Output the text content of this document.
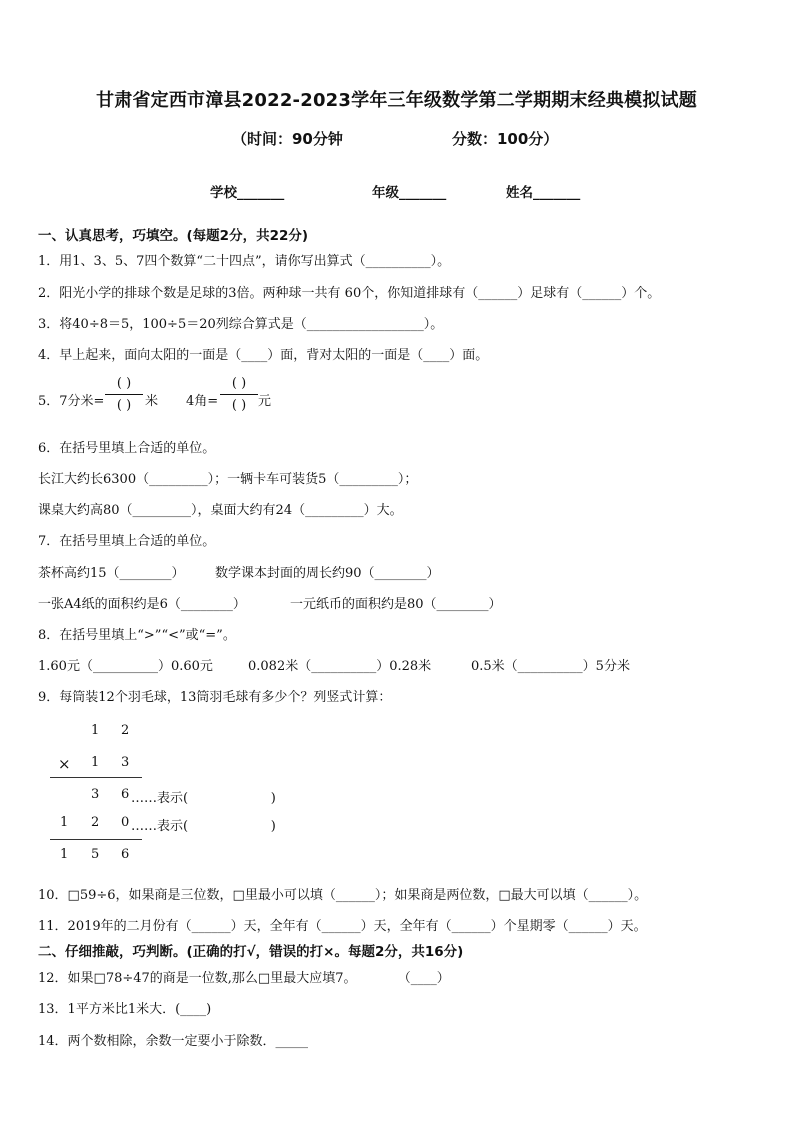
甘肃省定西市漳县2022-2023学年三年级数学第二学期期末经典模拟试题
（时间：90分钟	分数：100分）
学校_______	年级_______	姓名_______
一、认真思考，巧填空。(每题2分，共22分)
1．用1、3、5、7四个数算“二十四点”，请你写出算式（__________）。
2．阳光小学的排球个数是足球的3倍。两种球一共有 60个，你知道排球有（______）足球有（______）个。
3．将40÷8＝5，100÷5＝20列综合算式是（__________________）。
4．早上起来，面向太阳的一面是（____）面，背对太阳的一面是（____）面。
5．7分米=
( )
( )	米 4角=
( )
( ) 元
6．在括号里填上合适的单位。
长江大约长6300（_________）；一辆卡车可装货5（_________）；
课桌大约高80（_________），桌面大约有24（_________）大。
7．在括号里填上合适的单位。
茶杯高约15（________） 数学课本封面的周长约90（________）
一张A4纸的面积约是6（________）	一元纸币的面积约是80（________）
8．在括号里填上“>”“<”或“=”。
1.60元（__________）0.60元	0.082米（__________）0.28米	0.5米（__________）5分米
9．每筒装12个羽毛球，13筒羽毛球有多少个？列竖式计算：
1 2
× 1 3
3 6 ……表示(                    )
1 2 0 ……表示(                    )
1 5 6
10．□59÷6，如果商是三位数，□里最小可以填（______）；如果商是两位数，□最大可以填（______）。
11．2019年的二月份有（______）天，全年有（______）天，全年有（______）个星期零（______）天。
二、仔细推敲，巧判断。(正确的打√，错误的打×。每题2分，共16分)
12．如果□78÷47的商是一位数,那么□里最大应填7。          （____）
13．1平方米比1米大．(____)
14．两个数相除，余数一定要小于除数．_____
